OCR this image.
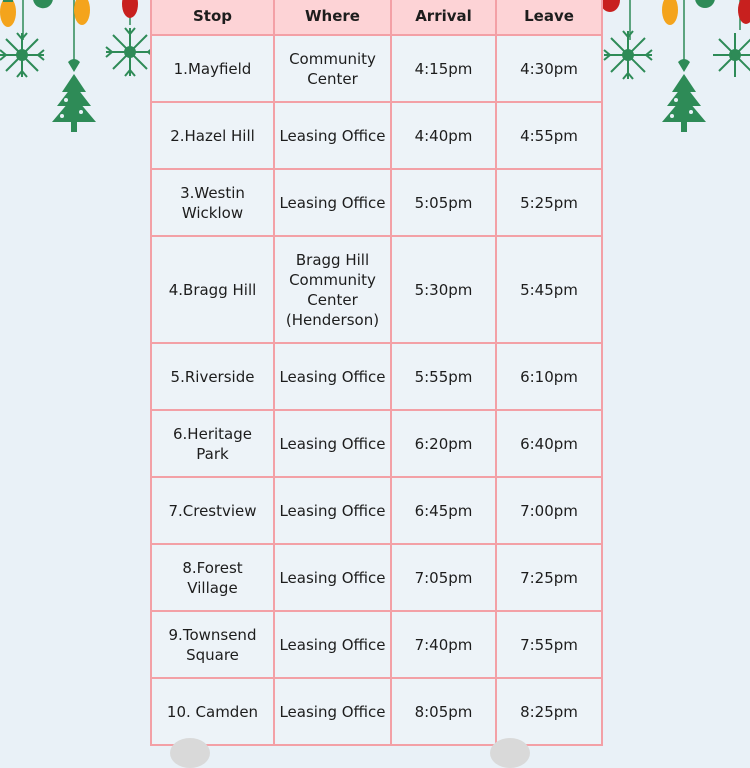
Stop	Where	Arrival	Leave
1.Mayfield	Community Center	4:15pm	4:30pm
2.Hazel Hill	Leasing Office	4:40pm	4:55pm
3.Westin Wicklow	Leasing Office	5:05pm	5:25pm
4.Bragg Hill	Bragg Hill Community Center (Henderson)	5:30pm	5:45pm
5.Riverside	Leasing Office	5:55pm	6:10pm
6.Heritage Park	Leasing Office	6:20pm	6:40pm
7.Crestview	Leasing Office	6:45pm	7:00pm
8.Forest Village	Leasing Office	7:05pm	7:25pm
9.Townsend Square	Leasing Office	7:40pm	7:55pm
10. Camden	Leasing Office	8:05pm	8:25pm
